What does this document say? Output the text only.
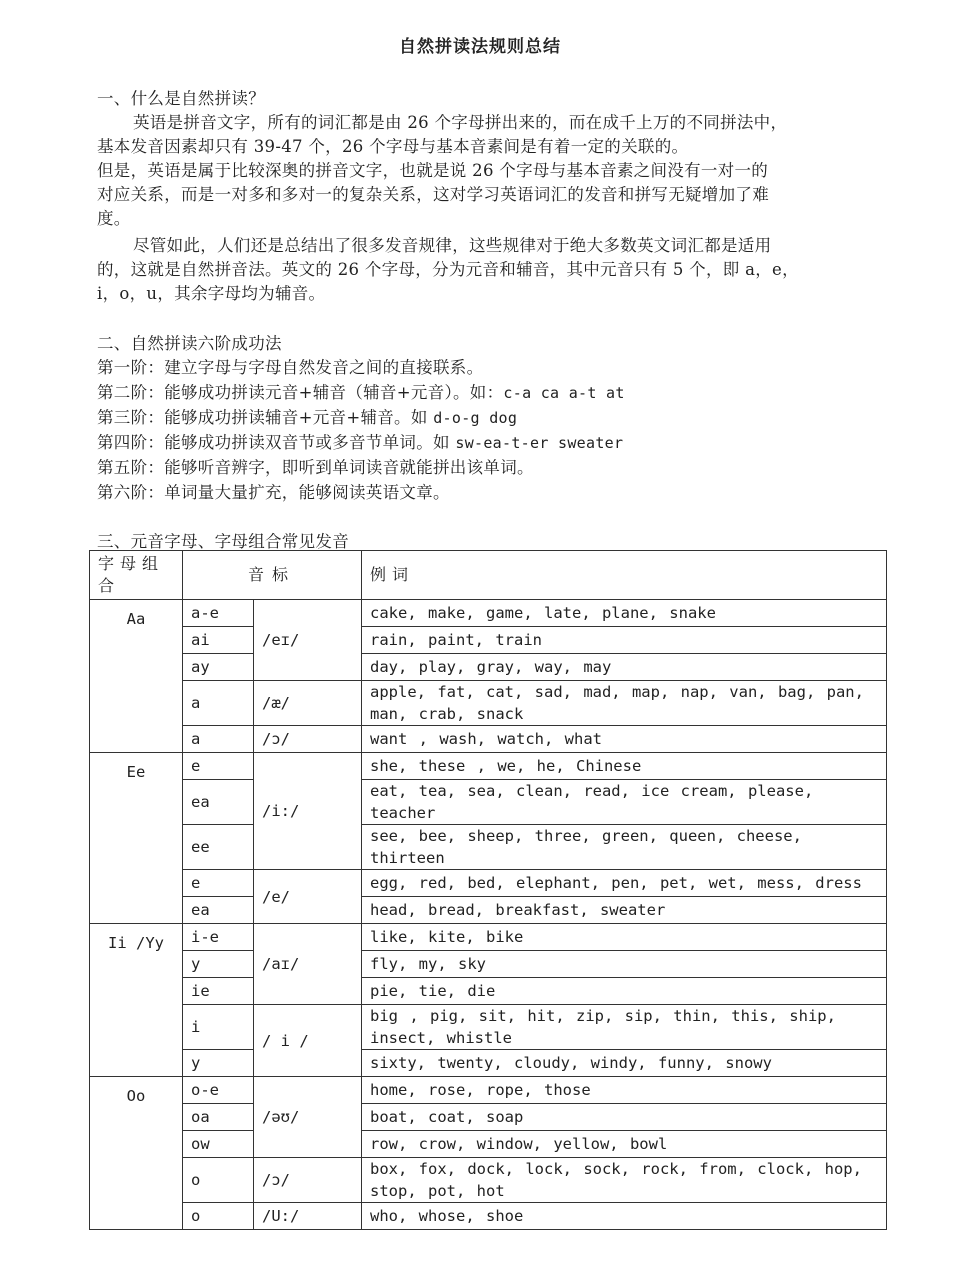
自然拼读法规则总结
一、什么是自然拼读？
英语是拼音文字，所有的词汇都是由 26 个字母拼出来的，而在成千上万的不同拼法中，
基本发音因素却只有 39-47 个，26 个字母与基本音素间是有着一定的关联的。
但是，英语是属于比较深奥的拼音文字，也就是说 26 个字母与基本音素之间没有一对一的
对应关系，而是一对多和多对一的复杂关系，这对学习英语词汇的发音和拼写无疑增加了难
度。
尽管如此，人们还是总结出了很多发音规律，这些规律对于绝大多数英文词汇都是适用
的，这就是自然拼音法。英文的 26 个字母，分为元音和辅音，其中元音只有 5 个，即 a，e，
i，o，u，其余字母均为辅音。
二、自然拼读六阶成功法
第一阶：建立字母与字母自然发音之间的直接联系。
第二阶：能够成功拼读元音+辅音（辅音+元音）。如：c-a ca a-t at
第三阶：能够成功拼读辅音+元音+辅音。如 d-o-g dog
第四阶：能够成功拼读双音节或多音节单词。如 sw-ea-t-er sweater
第五阶：能够听音辨字，即听到单词读音就能拼出该单词。
第六阶：单词量大量扩充，能够阅读英语文章。
三、元音字母、字母组合常见发音
字母组合	音标		例词
Aa	a-e	/eɪ/	cake, make, game, late, plane, snake
	ai		rain, paint, train
	ay		day, play, gray, way, may
	a	/æ/	apple, fat, cat, sad, mad, map, nap, van, bag, pan, man, crab, snack
	a	/ɔ/	want , wash, watch, what
Ee	e	/i:/	she, these , we, he, Chinese
	ea		eat, tea, sea, clean, read, ice cream, please, teacher
	ee		see, bee, sheep, three, green, queen, cheese, thirteen
	e	/e/	egg, red, bed, elephant, pen, pet, wet, mess, dress
	ea		head, bread, breakfast, sweater
Ii /Yy	i-e	/aɪ/	like, kite, bike
	y		fly, my, sky
	ie		pie, tie, die
	i	/ i /	big , pig, sit, hit, zip, sip, thin, this, ship, insect, whistle
	y		sixty, twenty, cloudy, windy, funny, snowy
Oo	o-e	/əʊ/	home, rose, rope, those
	oa		boat, coat, soap
	ow		row, crow, window, yellow, bowl
	o	/ɔ/	box, fox, dock, lock, sock, rock, from, clock, hop, stop, pot, hot
	o	/U:/	who, whose, shoe
